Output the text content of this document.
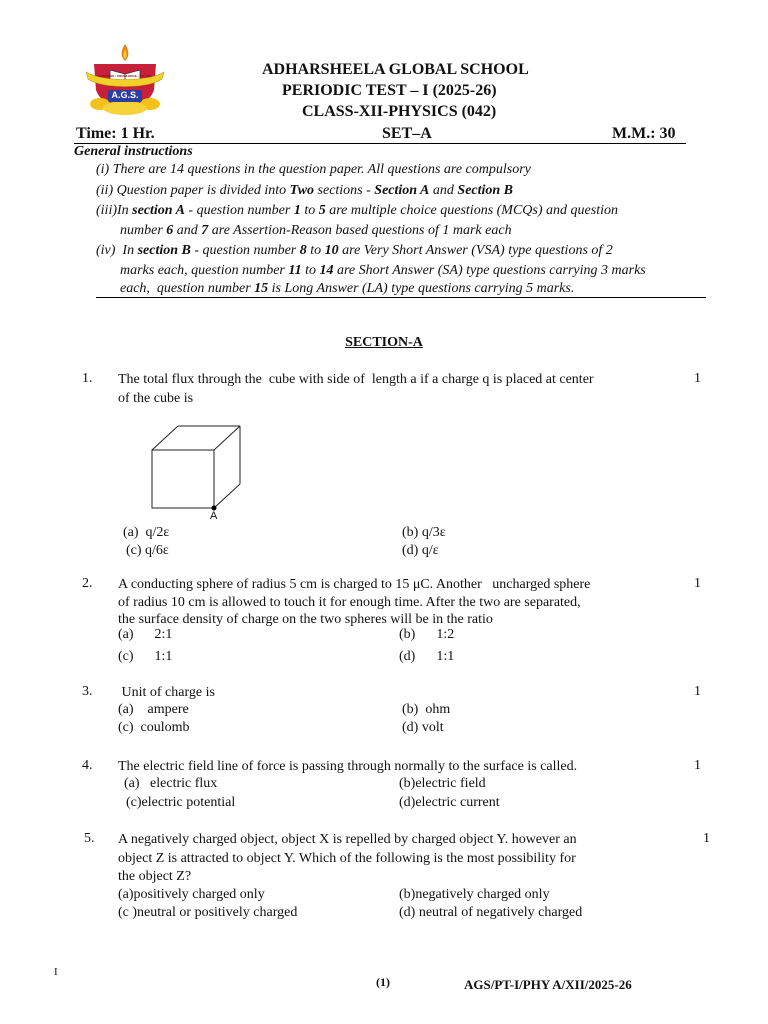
LEARNING • KNOWLEDGE • VALUES
A.G.S.
ADHARSHEELA GLOBAL SCHOOL
PERIODIC TEST – I (2025-26)
CLASS-XII-PHYSICS (042)
Time: 1 Hr.	SET–A	M.M.: 30
General instructions
(i) There are 14 questions in the question paper. All questions are compulsory
(ii) Question paper is divided into Two sections - Section A and Section B
(iii)In section A - question number 1 to 5 are multiple choice questions (MCQs) and question
number 6 and 7 are Assertion-Reason based questions of 1 mark each
(iv)  In section B - question number 8 to 10 are Very Short Answer (VSA) type questions of 2
marks each, question number 11 to 14 are Short Answer (SA) type questions carrying 3 marks
each,  question number 15 is Long Answer (LA) type questions carrying 5 marks.
SECTION-A
1. The total flux through the  cube with side of  length a if a charge q is placed at center
of the cube is
1
A
(a)  q/2ε	(b) q/3ε
(c) q/6ε	(d) q/ε
2. A conducting sphere of radius 5 cm is charged to 15 μC. Another   uncharged sphere
of radius 10 cm is allowed to touch it for enough time. After the two are separated,
the surface density of charge on the two spheres will be in the ratio
1
(a)      2:1	(b)      1:2
(c)      1:1	(d)      1:1
3. Unit of charge is	1
(a)    ampere	(b)  ohm
(c)  coulomb	(d) volt
4. The electric field line of force is passing through normally to the surface is called.	1
(a)   electric flux	(b)electric field
(c)electric potential	(d)electric current
5. A negatively charged object, object X is repelled by charged object Y. however an
object Z is attracted to object Y. Which of the following is the most possibility for
the object Z?
1
(a)positively charged only	(b)negatively charged only
(c )neutral or positively charged	(d) neutral of negatively charged
I
(1)	AGS/PT-I/PHY A/XII/2025-26
